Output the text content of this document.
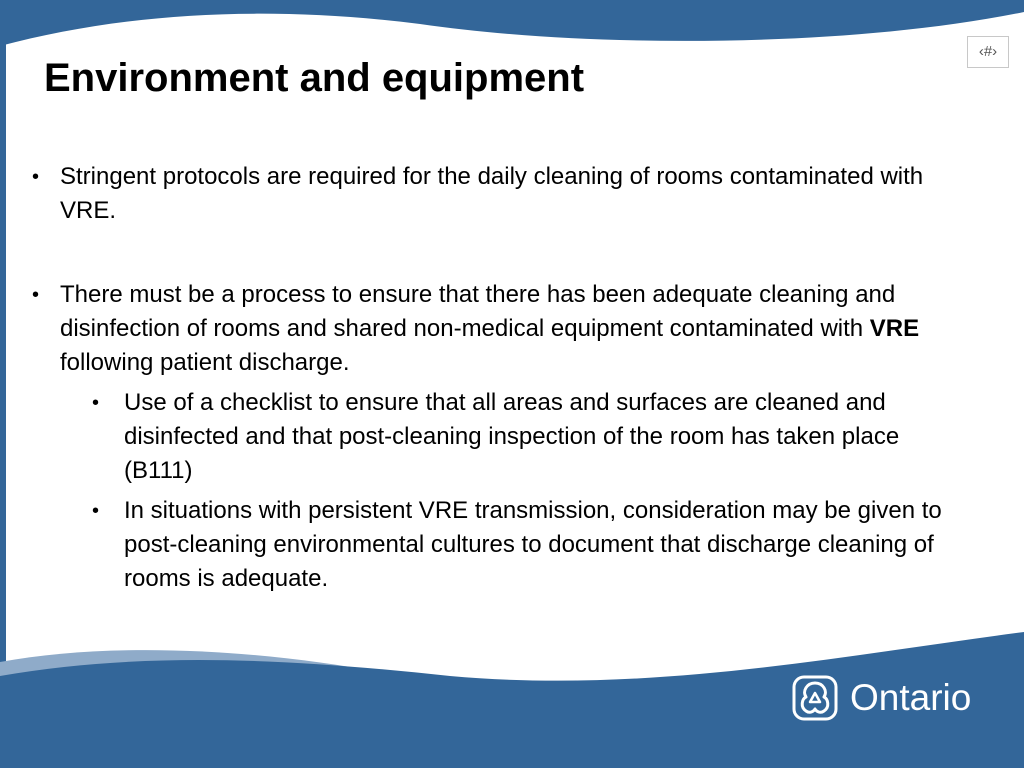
Environment and equipment
‹#›
• Stringent protocols are required for the daily cleaning of rooms contaminated with VRE.
• There must be a process to ensure that there has been adequate cleaning and disinfection of rooms and shared non-medical equipment contaminated with VRE following patient discharge.
• Use of a checklist to ensure that all areas and surfaces are cleaned and disinfected and that post-cleaning inspection of the room has taken place (B111)
• In situations with persistent VRE transmission, consideration may be given to post-cleaning environmental cultures to document that discharge cleaning of rooms is adequate.
Ontario
